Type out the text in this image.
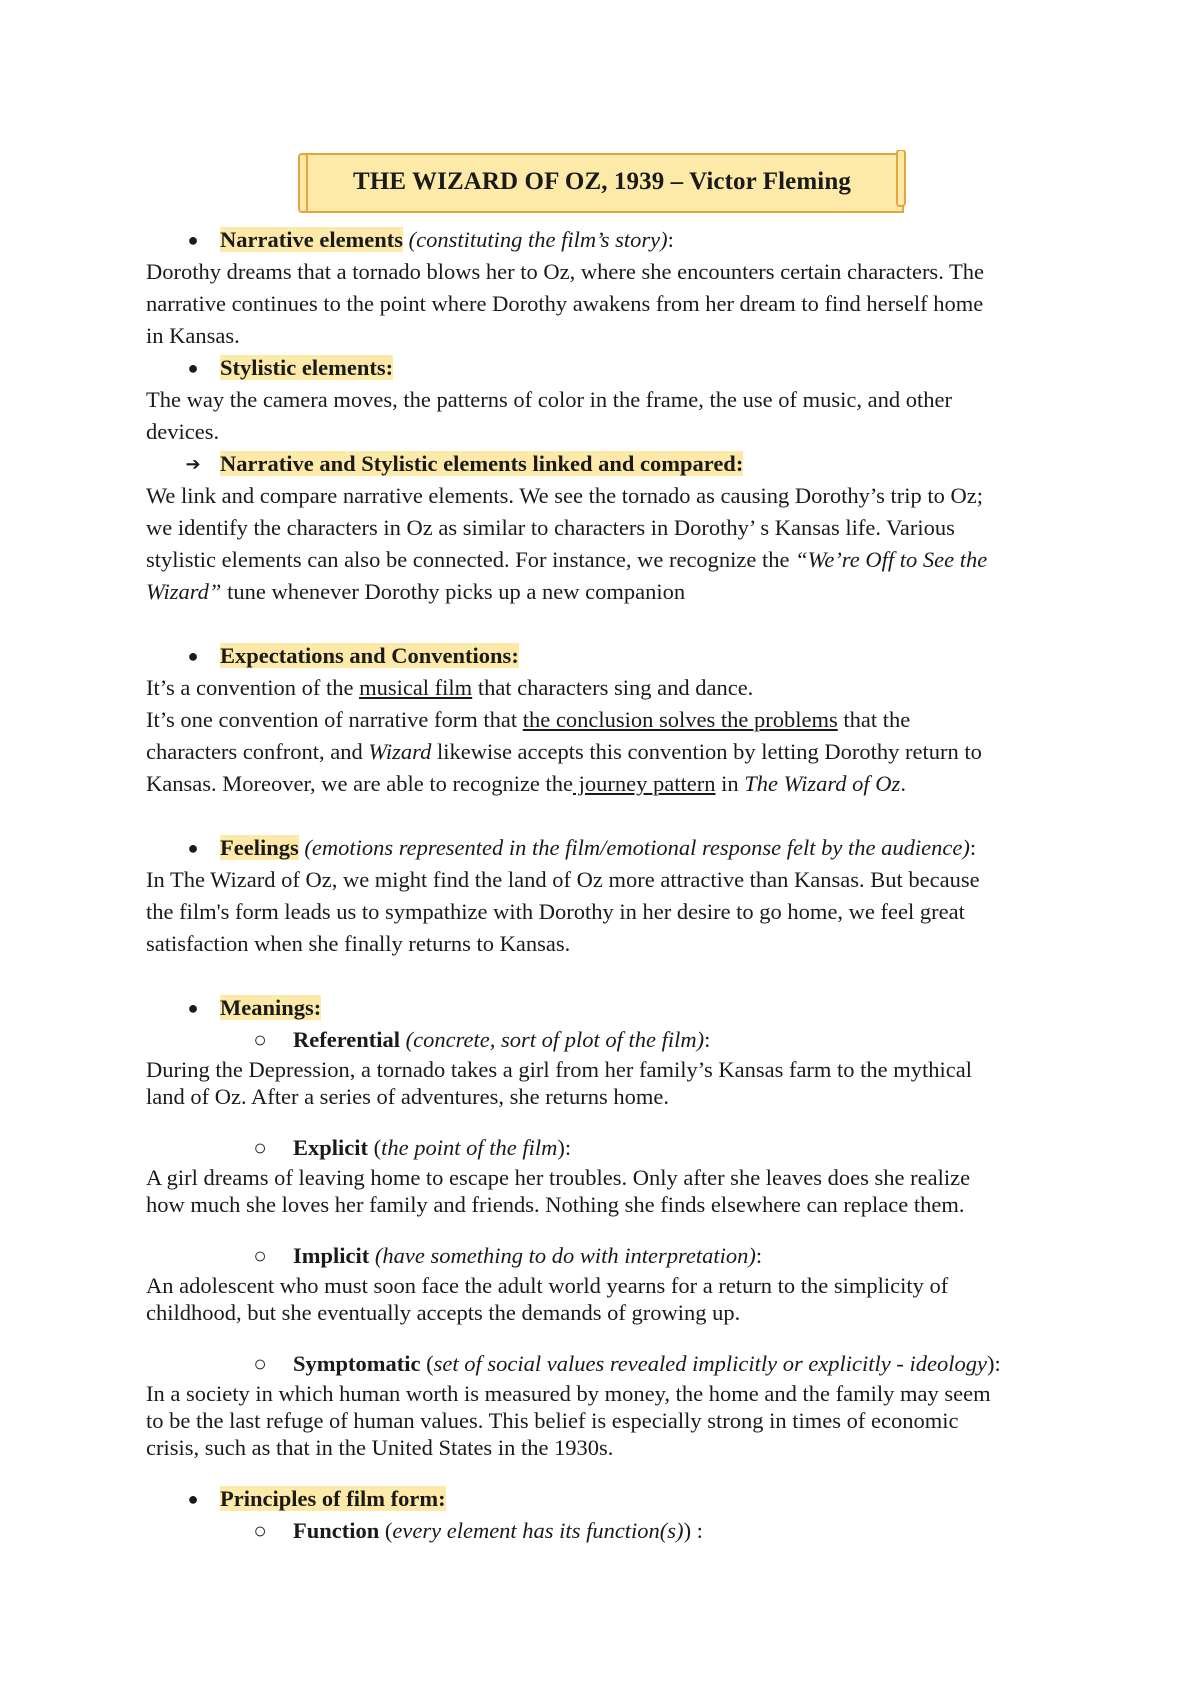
THE WIZARD OF OZ, 1939 – Victor Fleming
● Narrative elements (constituting the film’s story):
Dorothy dreams that a tornado blows her to Oz, where she encounters certain characters. The
narrative continues to the point where Dorothy awakens from her dream to find herself home
in Kansas.
● Stylistic elements:
The way the camera moves, the patterns of color in the frame, the use of music, and other
devices.
➔ Narrative and Stylistic elements linked and compared:
We link and compare narrative elements. We see the tornado as causing Dorothy’s trip to Oz;
we identify the characters in Oz as similar to characters in Dorothy’ s Kansas life. Various
stylistic elements can also be connected. For instance, we recognize the “We’re Off to See the
Wizard” tune whenever Dorothy picks up a new companion
● Expectations and Conventions:
It’s a convention of the musical film that characters sing and dance.
It’s one convention of narrative form that the conclusion solves the problems that the
characters confront, and Wizard likewise accepts this convention by letting Dorothy return to
Kansas. Moreover, we are able to recognize the journey pattern in The Wizard of Oz.
● Feelings (emotions represented in the film/emotional response felt by the audience):
In The Wizard of Oz, we might find the land of Oz more attractive than Kansas. But because
the film's form leads us to sympathize with Dorothy in her desire to go home, we feel great
satisfaction when she finally returns to Kansas.
● Meanings:
○ Referential (concrete, sort of plot of the film):
During the Depression, a tornado takes a girl from her family’s Kansas farm to the mythical
land of Oz. After a series of adventures, she returns home.
○ Explicit (the point of the film):
A girl dreams of leaving home to escape her troubles. Only after she leaves does she realize
how much she loves her family and friends. Nothing she finds elsewhere can replace them.
○ Implicit (have something to do with interpretation):
An adolescent who must soon face the adult world yearns for a return to the simplicity of
childhood, but she eventually accepts the demands of growing up.
○ Symptomatic (set of social values revealed implicitly or explicitly - ideology):
In a society in which human worth is measured by money, the home and the family may seem
to be the last refuge of human values. This belief is especially strong in times of economic
crisis, such as that in the United States in the 1930s.
● Principles of film form:
○ Function (every element has its function(s)) :
